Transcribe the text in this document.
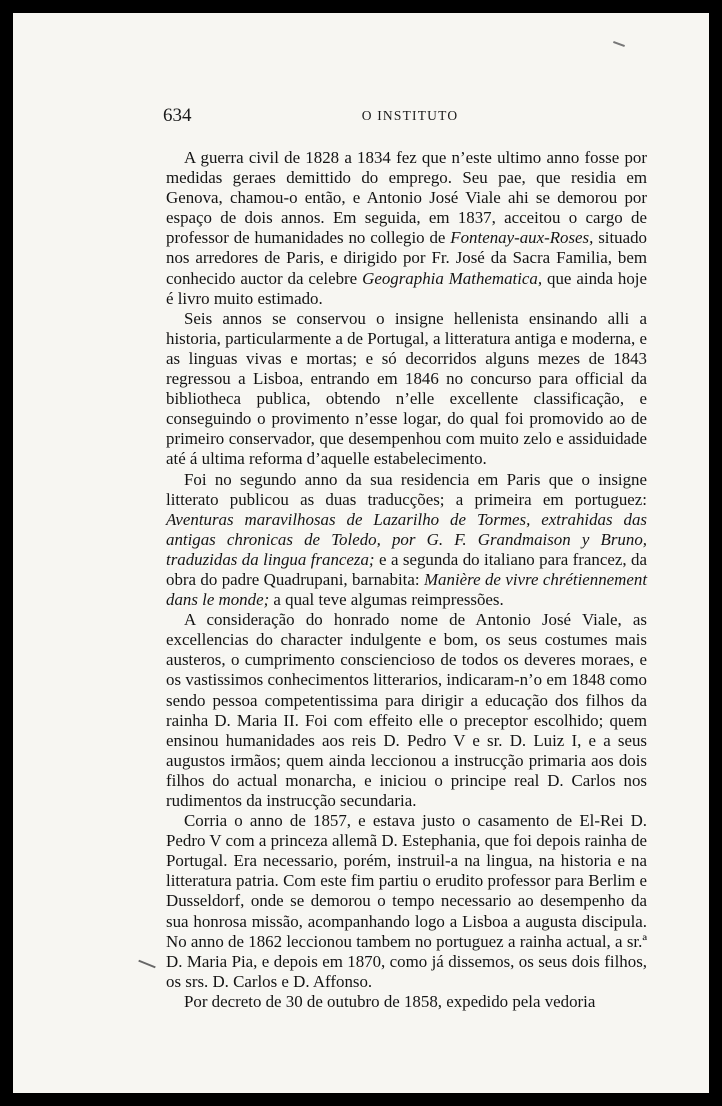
634	O INSTITUTO

A guerra civil de 1828 a 1834 fez que n’este ultimo anno fosse por medidas geraes demittido do emprego. Seu pae, que residia em Genova, chamou-o então, e Antonio José Viale ahi se demorou por espaço de dois annos. Em seguida, em 1837, acceitou o cargo de professor de humanidades no collegio de Fontenay-aux-Roses, situado nos arredores de Paris, e dirigido por Fr. José da Sacra Familia, bem conhecido auctor da celebre Geographia Mathematica, que ainda hoje é livro muito estimado.

Seis annos se conservou o insigne hellenista ensinando alli a historia, particularmente a de Portugal, a litteratura antiga e moderna, e as linguas vivas e mortas; e só decorridos alguns mezes de 1843 regressou a Lisboa, entrando em 1846 no concurso para official da bibliotheca publica, obtendo n’elle excellente classificação, e conseguindo o provimento n’esse logar, do qual foi promovido ao de primeiro conservador, que desempenhou com muito zelo e assiduidade até á ultima reforma d’aquelle estabelecimento.

Foi no segundo anno da sua residencia em Paris que o insigne litterato publicou as duas traducções; a primeira em portuguez: Aventuras maravilhosas de Lazarilho de Tormes, extrahidas das antigas chronicas de Toledo, por G. F. Grandmaison y Bruno, traduzidas da lingua franceza; e a segunda do italiano para francez, da obra do padre Quadrupani, barnabita: Manière de vivre chrétiennement dans le monde; a qual teve algumas reimpressões.

A consideração do honrado nome de Antonio José Viale, as excellencias do character indulgente e bom, os seus costumes mais austeros, o cumprimento consciencioso de todos os deveres moraes, e os vastissimos conhecimentos litterarios, indicaram-n’o em 1848 como sendo pessoa competentissima para dirigir a educação dos filhos da rainha D. Maria II. Foi com effeito elle o preceptor escolhido; quem ensinou humanidades aos reis D. Pedro V e sr. D. Luiz I, e a seus augustos irmãos; quem ainda leccionou a instrucção primaria aos dois filhos do actual monarcha, e iniciou o principe real D. Carlos nos rudimentos da instrucção secundaria.

Corria o anno de 1857, e estava justo o casamento de El-Rei D. Pedro V com a princeza allemã D. Estephania, que foi depois rainha de Portugal. Era necessario, porém, instruil-a na lingua, na historia e na litteratura patria. Com este fim partiu o erudito professor para Berlim e Dusseldorf, onde se demorou o tempo necessario ao desempenho da sua honrosa missão, acompanhando logo a Lisboa a augusta discipula. No anno de 1862 leccionou tambem no portuguez a rainha actual, a sr.ª D. Maria Pia, e depois em 1870, como já dissemos, os seus dois filhos, os srs. D. Carlos e D. Affonso.

Por decreto de 30 de outubro de 1858, expedido pela vedoria
